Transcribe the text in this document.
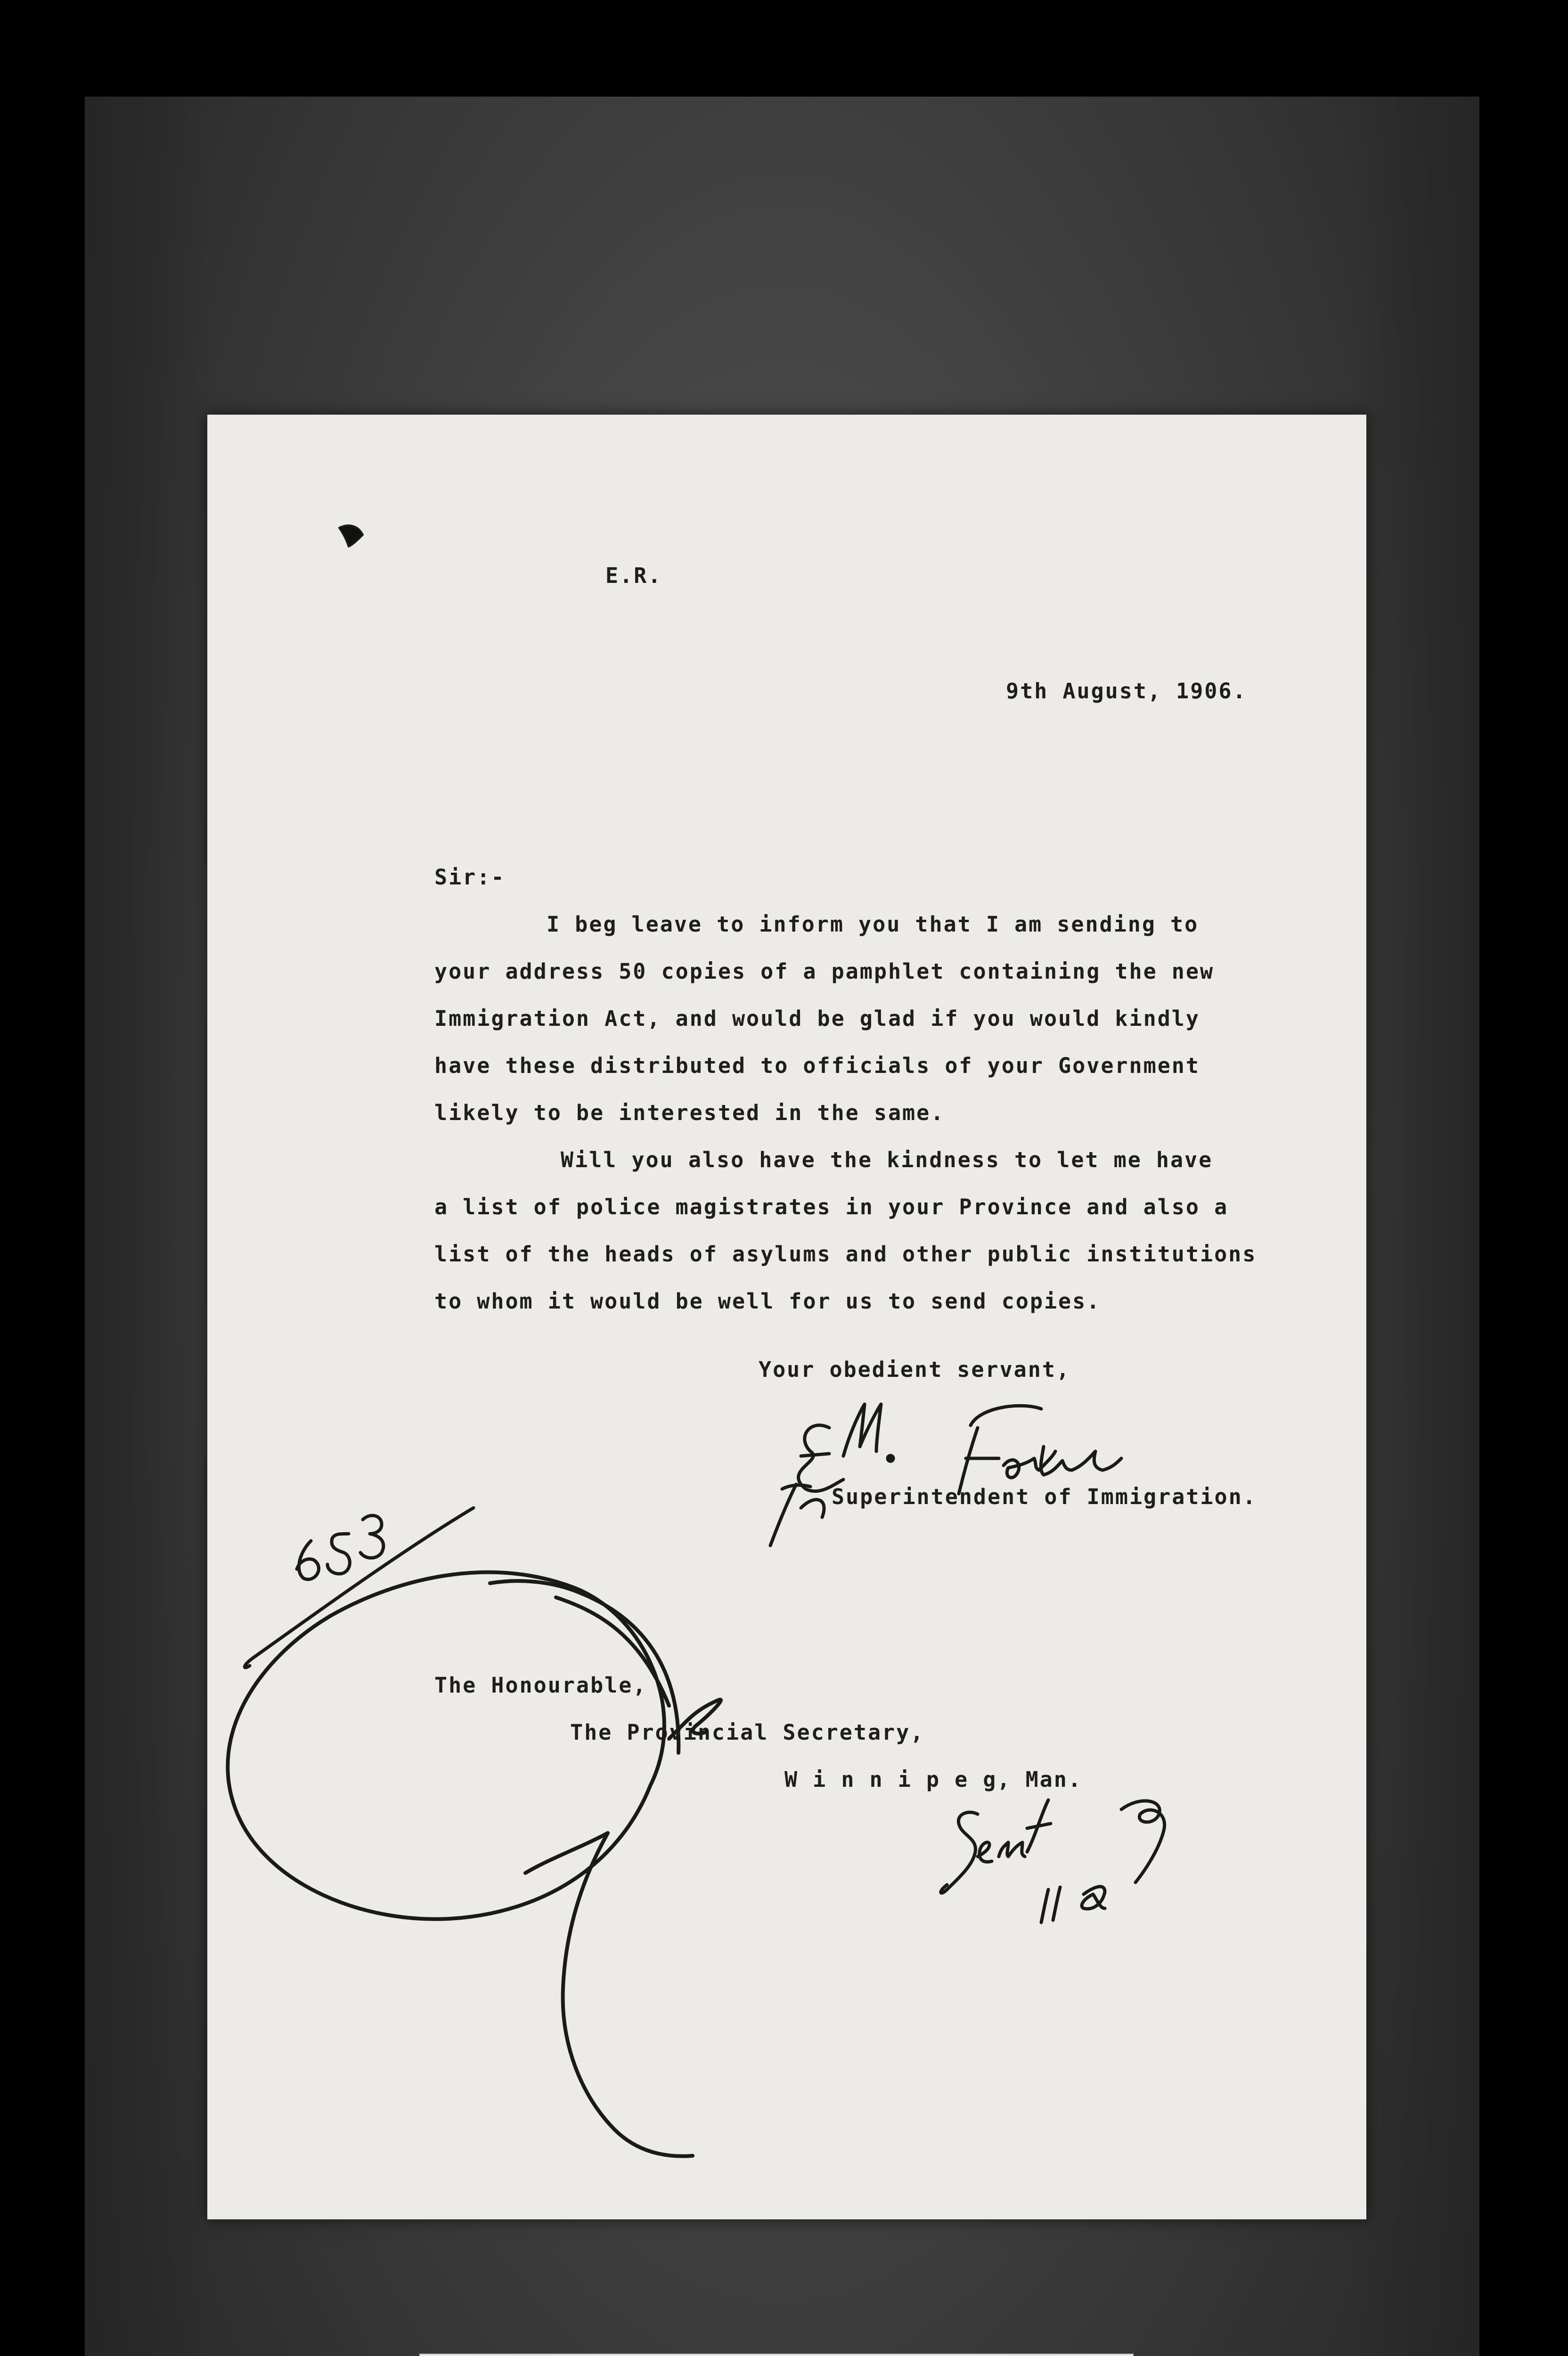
E.R.

9th August, 1906.

Sir:-

I beg leave to inform you that I am sending to

your address 50 copies of a pamphlet containing the new

Immigration Act, and would be glad if you would kindly

have these distributed to officials of your Government

likely to be interested in the same.

Will you also have the kindness to let me have

a list of police magistrates in your Province and also a

list of the heads of asylums and other public institutions

to whom it would be well for us to send copies.

Your obedient servant,

Superintendent of Immigration.

The Honourable,

The Provincial Secretary,

W i n n i p e g, Man.
